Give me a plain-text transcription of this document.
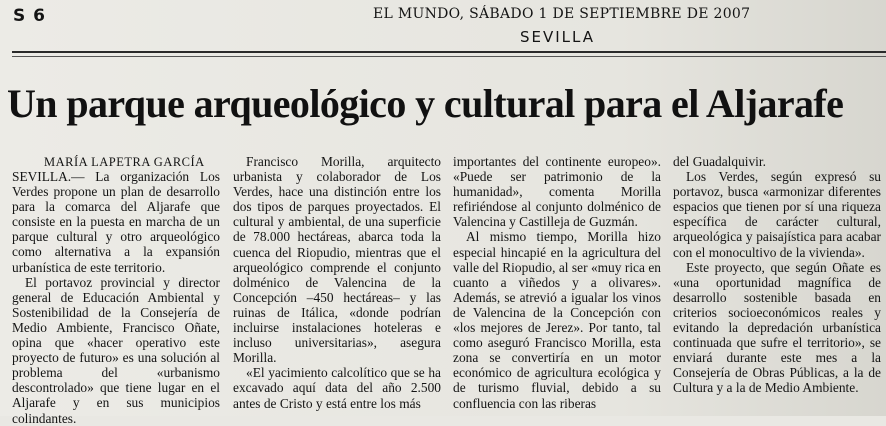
S 6	EL MUNDO, SÁBADO 1 DE SEPTIEMBRE DE 2007
SEVILLA
Un parque arqueológico y cultural para el Aljarafe
MARÍA LAPETRA GARCÍA

SEVILLA.— La organización Los Verdes propone un plan de desarrollo para la comarca del Aljarafe que consiste en la puesta en marcha de un parque cultural y otro arqueológico como alternativa a la expansión urbanística de este territorio.

El portavoz provincial y director general de Educación Ambiental y Sostenibilidad de la Consejería de Medio Ambiente, Francisco Oñate, opina que «hacer operativo este proyecto de futuro» es una solución al problema del «urbanismo descontrolado» que tiene lugar en el Aljarafe y en sus municipios colindantes.

Francisco Morilla, arquitecto urbanista y colaborador de Los Verdes, hace una distinción entre los dos tipos de parques proyectados. El cultural y ambiental, de una superficie de 78.000 hectáreas, abarca toda la cuenca del Riopudio, mientras que el arqueológico comprende el conjunto dolménico de Valencina de la Concepción –450 hectáreas– y las ruinas de Itálica, «donde podrían incluirse instalaciones hoteleras e incluso universitarias», asegura Morilla.

«El yacimiento calcolítico que se ha excavado aquí data del año 2.500 antes de Cristo y está entre los más

importantes del continente europeo». «Puede ser patrimonio de la humanidad», comenta Morilla refiriéndose al conjunto dolménico de Valencina y Castilleja de Guzmán.

Al mismo tiempo, Morilla hizo especial hincapié en la agricultura del valle del Riopudio, al ser «muy rica en cuanto a viñedos y a olivares». Además, se atrevió a igualar los vinos de Valencina de la Concepción con «los mejores de Jerez». Por tanto, tal como aseguró Francisco Morilla, esta zona se convertiría en un motor económico de agricultura ecológica y de turismo fluvial, debido a su confluencia con las riberas

del Guadalquivir.

Los Verdes, según expresó su portavoz, busca «armonizar diferentes espacios que tienen por sí una riqueza específica de carácter cultural, arqueológica y paisajística para acabar con el monocultivo de la vivienda».

Este proyecto, que según Oñate es «una oportunidad magnífica de desarrollo sostenible basada en criterios socioeconómicos reales y evitando la depredación urbanística continuada que sufre el territorio», se enviará durante este mes a la Consejería de Obras Públicas, a la de Cultura y a la de Medio Ambiente.
